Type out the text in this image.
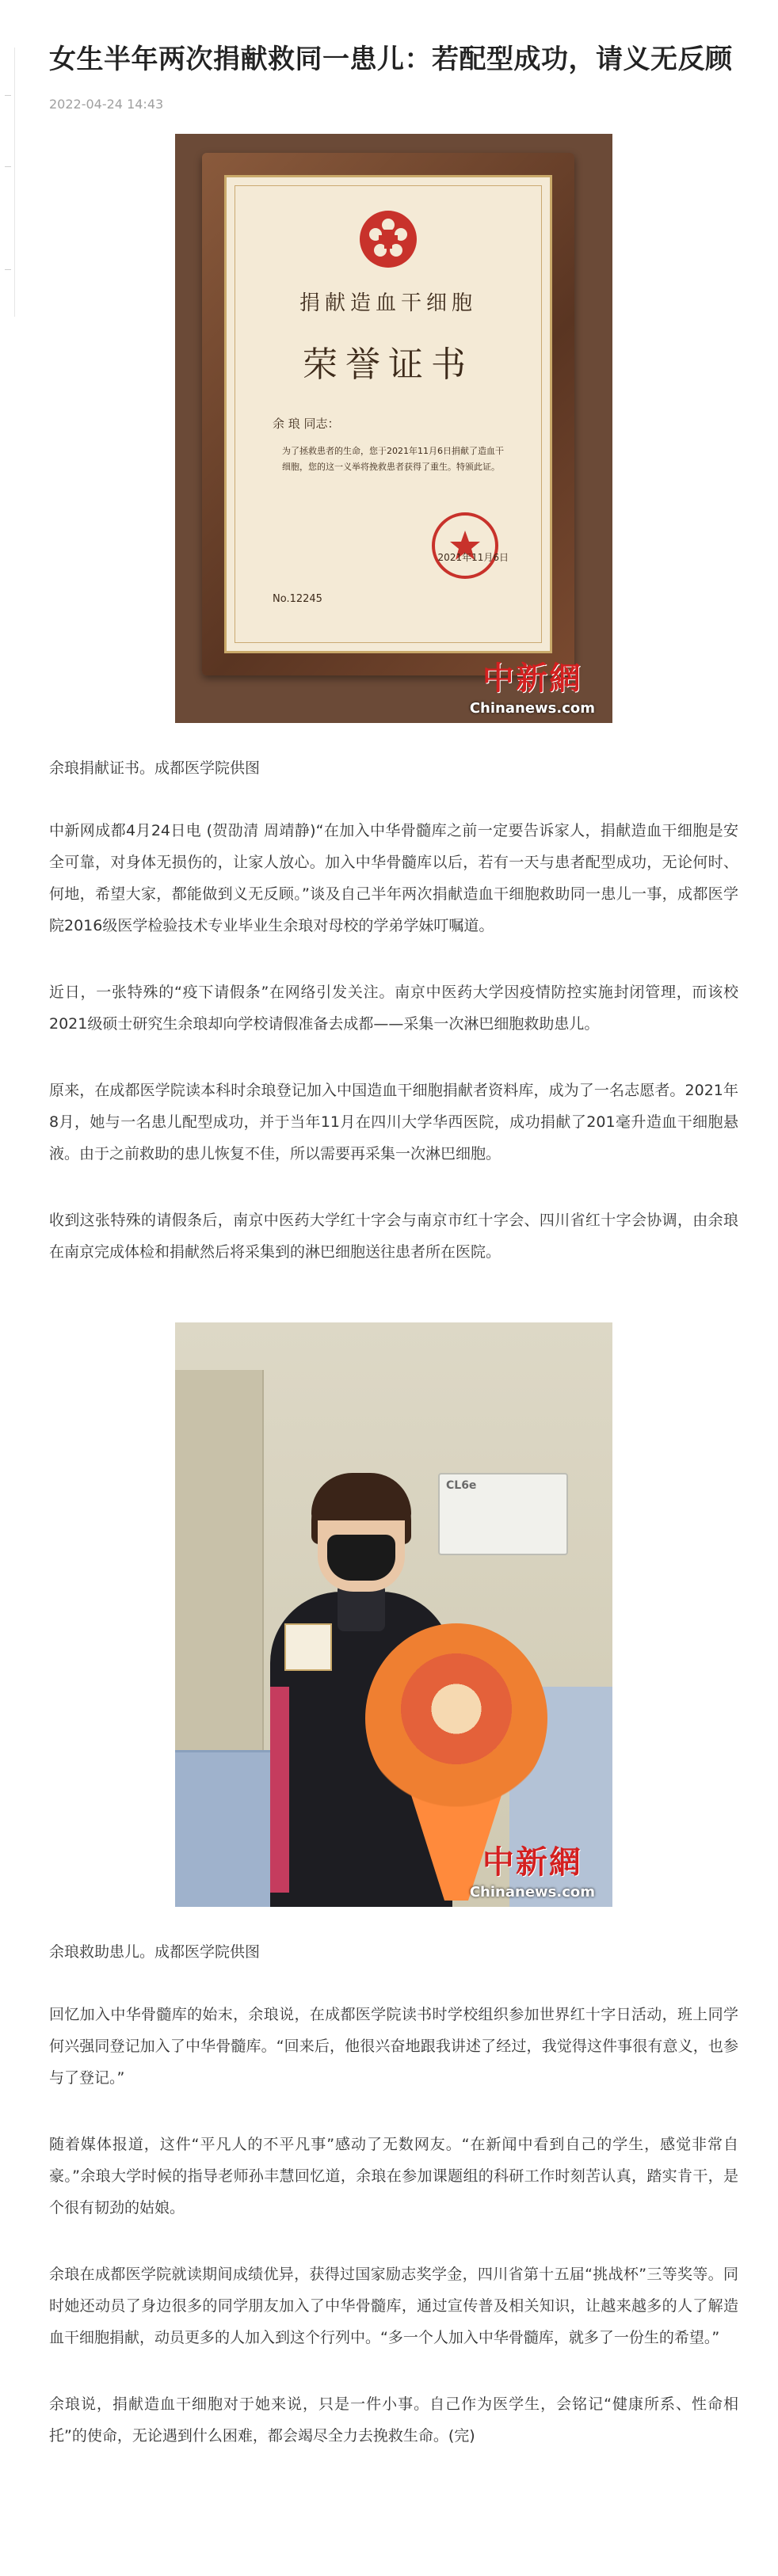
女生半年两次捐献救同一患儿：若配型成功，请义无反顾
2022-04-24 14:43
捐献造血干细胞
荣誉证书
余 琅 同志：
为了拯救患者的生命，您于2021年11月6日捐献了造血干细胞，您的这一义举将挽救患者获得了重生。特颁此证。
2021年11月6日
No.12245
中新網
Chinanews.com
余琅捐献证书。成都医学院供图

中新网成都4月24日电 (贺劭清 周靖静)“在加入中华骨髓库之前一定要告诉家人，捐献造血干细胞是安全可靠，对身体无损伤的，让家人放心。加入中华骨髓库以后，若有一天与患者配型成功，无论何时、何地，希望大家，都能做到义无反顾。”谈及自己半年两次捐献造血干细胞救助同一患儿一事，成都医学院2016级医学检验技术专业毕业生余琅对母校的学弟学妹叮嘱道。

近日，一张特殊的“疫下请假条”在网络引发关注。南京中医药大学因疫情防控实施封闭管理，而该校2021级硕士研究生余琅却向学校请假准备去成都——采集一次淋巴细胞救助患儿。

原来，在成都医学院读本科时余琅登记加入中国造血干细胞捐献者资料库，成为了一名志愿者。2021年8月，她与一名患儿配型成功，并于当年11月在四川大学华西医院，成功捐献了201毫升造血干细胞悬液。由于之前救助的患儿恢复不佳，所以需要再采集一次淋巴细胞。

收到这张特殊的请假条后，南京中医药大学红十字会与南京市红十字会、四川省红十字会协调，由余琅在南京完成体检和捐献然后将采集到的淋巴细胞送往患者所在医院。

CL6e
中新網
Chinanews.com
余琅救助患儿。成都医学院供图

回忆加入中华骨髓库的始末，余琅说，在成都医学院读书时学校组织参加世界红十字日活动，班上同学何兴强同登记加入了中华骨髓库。“回来后，他很兴奋地跟我讲述了经过，我觉得这件事很有意义，也参与了登记。”

随着媒体报道，这件“平凡人的不平凡事”感动了无数网友。“在新闻中看到自己的学生，感觉非常自豪。”余琅大学时候的指导老师孙丰慧回忆道，余琅在参加课题组的科研工作时刻苦认真，踏实肯干，是个很有韧劲的姑娘。

余琅在成都医学院就读期间成绩优异，获得过国家励志奖学金，四川省第十五届“挑战杯”三等奖等。同时她还动员了身边很多的同学朋友加入了中华骨髓库，通过宣传普及相关知识，让越来越多的人了解造血干细胞捐献，动员更多的人加入到这个行列中。“多一个人加入中华骨髓库，就多了一份生的希望。”

余琅说，捐献造血干细胞对于她来说，只是一件小事。自己作为医学生，会铭记“健康所系、性命相托”的使命，无论遇到什么困难，都会竭尽全力去挽救生命。(完)
